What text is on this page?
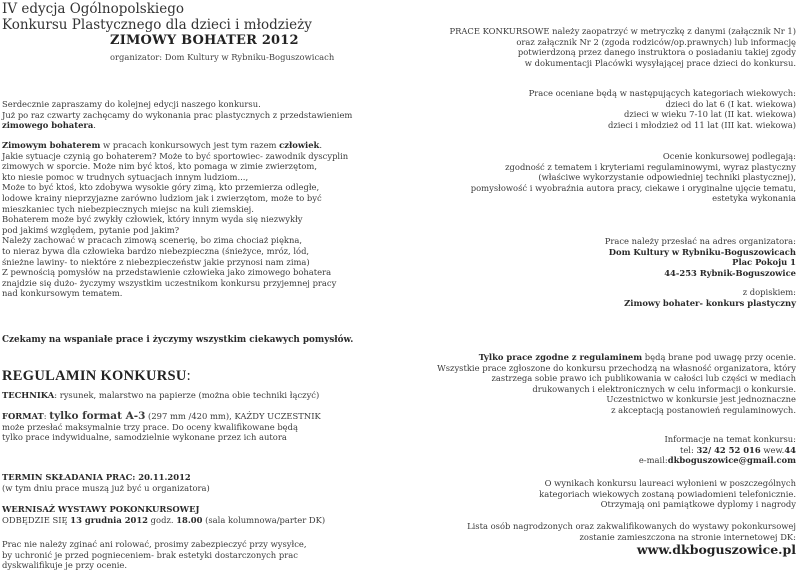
IV edycja Ogólnopolskiego
Konkursu Plastycznego dla dzieci i młodzieży
ZIMOWY BOHATER 2012
organizator: Dom Kultury w Rybniku-Boguszowicach
Serdecznie zapraszamy do kolejnej edycji naszego konkursu.
Już po raz czwarty zachęcamy do wykonania prac plastycznych z przedstawieniem
zimowego bohatera.
Zimowym bohaterem w pracach konkursowych jest tym razem człowiek.
Jakie sytuacje czynią go bohaterem? Może to być sportowiec- zawodnik dyscyplin
zimowych w sporcie. Może nim być ktoś, kto pomaga w zimie zwierzętom,
kto niesie pomoc w trudnych sytuacjach innym ludziom...,
Może to być ktoś, kto zdobywa wysokie góry zimą, kto przemierza odległe,
lodowe krainy nieprzyjazne zarówno ludziom jak i zwierzętom, może to być
mieszkaniec tych niebezpiecznych miejsc na kuli ziemskiej.
Bohaterem może być zwykły człowiek, który innym wyda się niezwykły
pod jakimś względem, pytanie pod jakim?
Należy zachować w pracach zimową scenerię, bo zima chociaż piękna,
to nieraz bywa dla człowieka bardzo niebezpieczna (śnieżyce, mróz, lód,
śnieżne lawiny- to niektóre z niebezpieczeństw jakie przynosi nam zima)
Z pewnością pomysłów na przedstawienie człowieka jako zimowego bohatera
znajdzie się dużo- życzymy wszystkim uczestnikom konkursu przyjemnej pracy
nad konkursowym tematem.
Czekamy na wspaniałe prace i życzymy wszystkim ciekawych pomysłów.
REGULAMIN KONKURSU:
TECHNIKA: rysunek, malarstwo na papierze (można obie techniki łączyć)
FORMAT: tylko format A-3 (297 mm /420 mm), KAŻDY UCZESTNIK
może przesłać maksymalnie trzy prace. Do oceny kwalifikowane będą
tylko prace indywidualne, samodzielnie wykonane przez ich autora
TERMIN SKŁADANIA PRAC: 20.11.2012
(w tym dniu prace muszą już być u organizatora)
WERNISAŻ WYSTAWY POKONKURSOWEJ
ODBĘDZIE SIĘ 13 grudnia 2012 godz. 18.00 (sala kolumnowa/parter DK)
Prac nie należy zginać ani rolować, prosimy zabezpieczyć przy wysyłce,
by uchronić je przed pognieceniem- brak estetyki dostarczonych prac
dyskwalifikuje je przy ocenie.
PRACE KONKURSOWE należy zaopatrzyć w metryczkę z danymi (załącznik Nr 1)
oraz załącznik Nr 2 (zgoda rodziców/op.prawnych) lub informację
potwierdzoną przez danego instruktora o posiadaniu takiej zgody
w dokumentacji Placówki wysyłającej prace dzieci do konkursu.
Prace oceniane będą w następujących kategoriach wiekowych:
dzieci do lat 6 (I kat. wiekowa)
dzieci w wieku 7-10 lat (II kat. wiekowa)
dzieci i młodzież od 11 lat (III kat. wiekowa)
Ocenie konkursowej podlegają:
zgodność z tematem i kryteriami regulaminowymi, wyraz plastyczny
(właściwe wykorzystanie odpowiedniej techniki plastycznej),
pomysłowość i wyobraźnia autora pracy, ciekawe i oryginalne ujęcie tematu,
estetyka wykonania
Prace należy przesłać na adres organizatora:
Dom Kultury w Rybniku-Boguszowicach
Plac Pokoju 1
44-253 Rybnik-Boguszowice
z dopiskiem:
Zimowy bohater- konkurs plastyczny
Tylko prace zgodne z regulaminem będą brane pod uwagę przy ocenie.
Wszystkie prace zgłoszone do konkursu przechodzą na własność organizatora, który
zastrzega sobie prawo ich publikowania w całości lub części w mediach
drukowanych i elektronicznych w celu informacji o konkursie.
Uczestnictwo w konkursie jest jednoznaczne
z akceptacją postanowień regulaminowych.
Informacje na temat konkursu:
tel: 32/ 42 52 016 wew.44
e-mail:dkboguszowice@gmail.com
O wynikach konkursu laureaci wyłonieni w poszczególnych
kategoriach wiekowych zostaną powiadomieni telefonicznie.
Otrzymają oni pamiątkowe dyplomy i nagrody
Lista osób nagrodzonych oraz zakwalifikowanych do wystawy pokonkursowej
zostanie zamieszczona na stronie internetowej DK:
www.dkboguszowice.pl
